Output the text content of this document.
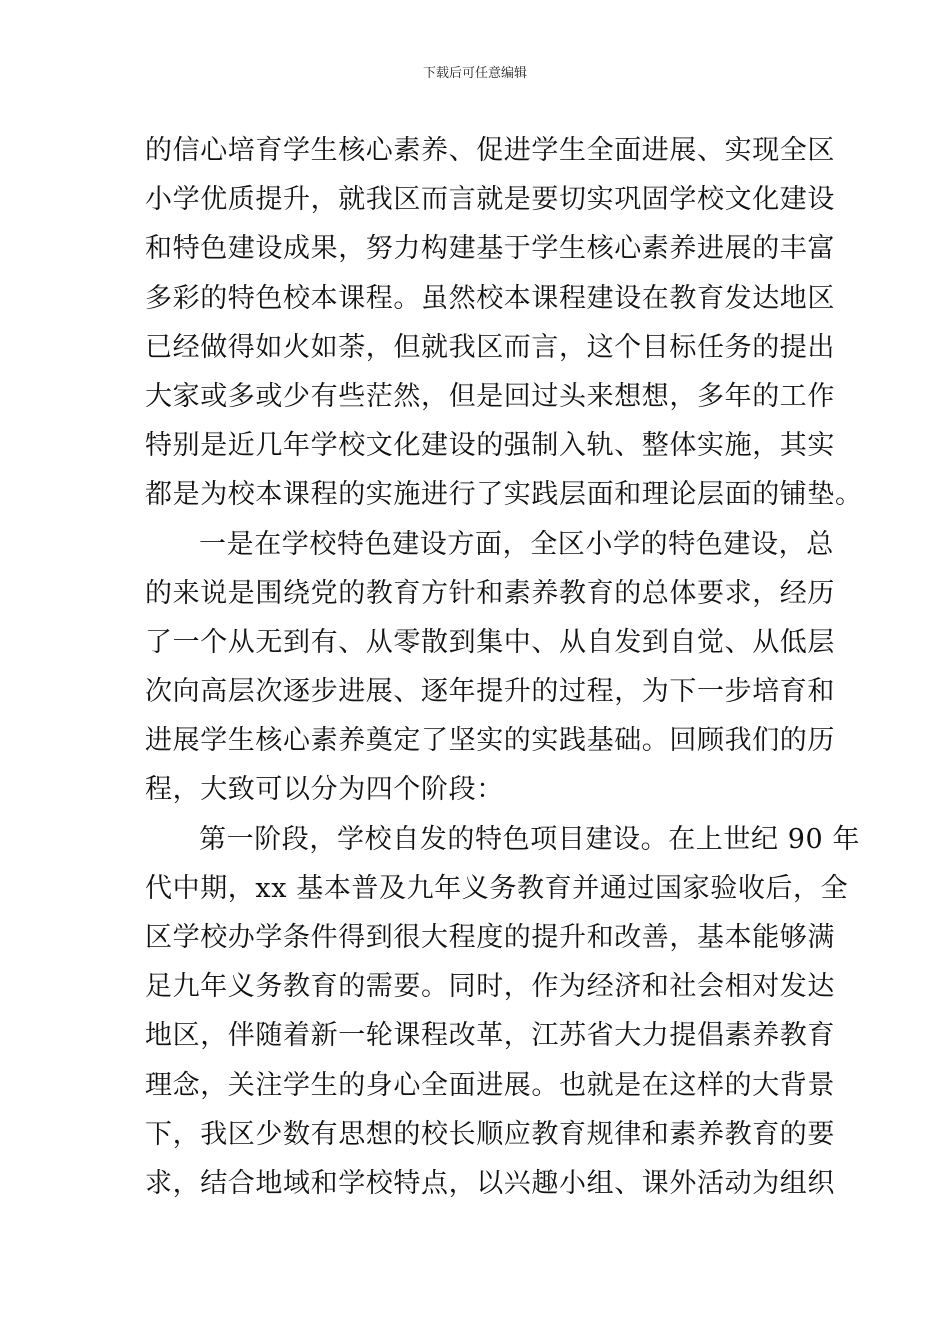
下载后可任意编辑
的信心培育学生核心素养、促进学生全面进展、实现全区
小学优质提升，就我区而言就是要切实巩固学校文化建设
和特色建设成果，努力构建基于学生核心素养进展的丰富
多彩的特色校本课程。虽然校本课程建设在教育发达地区
已经做得如火如荼，但就我区而言，这个目标任务的提出
大家或多或少有些茫然，但是回过头来想想，多年的工作
特别是近几年学校文化建设的强制入轨、整体实施，其实
都是为校本课程的实施进行了实践层面和理论层面的铺垫。
一是在学校特色建设方面，全区小学的特色建设，总
的来说是围绕党的教育方针和素养教育的总体要求，经历
了一个从无到有、从零散到集中、从自发到自觉、从低层
次向高层次逐步进展、逐年提升的过程，为下一步培育和
进展学生核心素养奠定了坚实的实践基础。回顾我们的历
程，大致可以分为四个阶段：
第一阶段，学校自发的特色项目建设。在上世纪 90 年
代中期，xx 基本普及九年义务教育并通过国家验收后，全
区学校办学条件得到很大程度的提升和改善，基本能够满
足九年义务教育的需要。同时，作为经济和社会相对发达
地区，伴随着新一轮课程改革，江苏省大力提倡素养教育
理念，关注学生的身心全面进展。也就是在这样的大背景
下，我区少数有思想的校长顺应教育规律和素养教育的要
求，结合地域和学校特点，以兴趣小组、课外活动为组织
